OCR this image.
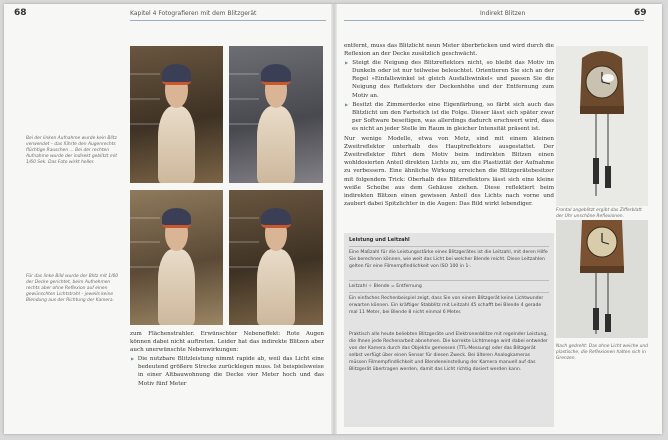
68	Kapitel 4 Fotografieren mit dem Blitzgerät
Bei der linken Aufnahme wurde kein Blitz verwendet – das führte den Augenrechts flüchtige Rauschen ... Bei der rechten Aufnahme wurde der indirekt geblitzt mit 1/60 Sek. Das Foto wirkt heller.
Für das linke Bild wurde der Blitz mit 1/60 der Decke gerichtet, beim Aufnehmen rechts aber ohne Reflexion auf einen gewünschten Lichtstrahl – jeweils keine Blendung aus der Richtung der Kamera.

zum Flächenstrahler. Erwünschter Nebeneffekt: Rote Augen können dabei nicht auftreten. Leider hat das indirekte Blitzen aber auch unerwünschte Nebenwirkungen:

▶ Die nutzbare Blitzleistung nimmt rapide ab, weil das Licht eine bedeutend größere Strecke zurücklegen muss. Ist beispielsweise in einer Altbauwohnung die Decke vier Meter hoch und das Motiv fünf Meter

Indirekt Blitzen	69

entfernt, muss das Blitzlicht neun Meter überbrücken und wird durch die Reflexion an der Decke zusätzlich geschwächt.

▶ Steigt die Neigung des Blitzreflektors nicht, so bleibt das Motiv im Dunkeln oder ist nur teilweise beleuchtet. Orientieren Sie sich an der Regel »Einfallswinkel ist gleich Ausfallswinkel« und passen Sie die Neigung des Reflektors der Deckenhöhe und der Entfernung zum Motiv an.

▶ Besitzt die Zimmerdecke eine Eigenfärbung, so färbt sich auch das Blitzlicht um den Farbstich ist die Folge. Dieser lässt sich später zwar per Software beseitigen, was allerdings dadurch erschwert wird, dass es nicht an jeder Stelle im Raum in gleicher Intensität präsent ist.

Nur wenige Modelle, etwa von Metz, sind mit einem kleinen Zweitreflektor unterhalb des Hauptreflektors ausgestattet. Der Zweitreflektor führt dem Motiv beim indirekten Blitzen einen wohldosierten Anteil direkten Lichts zu, um die Plastizität der Aufnahme zu verbessern. Eine ähnliche Wirkung erreichen die Blitzgerätebesitzer mit folgendem Trick: Oberhalb des Blitzreflektors lässt sich eine kleine weiße Scheibe aus dem Gehäuse ziehen. Diese reflektiert beim indirekten Blitzen einen gewissen Anteil des Lichts nach vorne und zaubert dabei Spitzlichter in die Augen: Das Bild wirkt lebendiger.

Leistung und Leitzahl
Eine Maßzahl für die Leistungsstärke eines Blitzgerätes ist die Leitzahl, mit deren Hilfe Sie berechnen können, wie weit das Licht bei welcher Blende reicht. Diese Leitzahlen gelten für eine Filmempfindlichkeit von ISO 100 in 1·.
Leitzahl ÷ Blende = Entfernung
Ein einfaches Rechenbeispiel zeigt, dass Sie von einem Blitzgerät keine Lichtwunder erwarten können. Ein kräftiger Stabblitz mit Leitzahl 45 schafft bei Blende 4 gerade mal 11 Meter, bei Blende 8 nicht einmal 6 Meter.
Praktisch alle heute beliebten Blitzgeräte und Elektronenblitze mit regelnder Leistung, die Ihnen jede Rechenarbeit abnehmen. Die korrekte Lichtmenge wird dabei entweder von der Kamera durch das Objektiv gemessen (TTL-Messung) oder das Blitzgerät selbst verfügt über einen Sensor für diesen Zweck. Bei älteren Analogkameras müssen Filmempfindlichkeit und Blendeneinstellung der Kamera manuell auf das Blitzgerät übertragen werden, damit das Licht richtig dosiert werden kann.
Frontal angeblitzt ergibt das Zifferblatt der Uhr unschöne Reflexionen.
Nach gedreht: Das ohne Licht weiche und plastische, die Reflexionen halten sich in Grenzen.
